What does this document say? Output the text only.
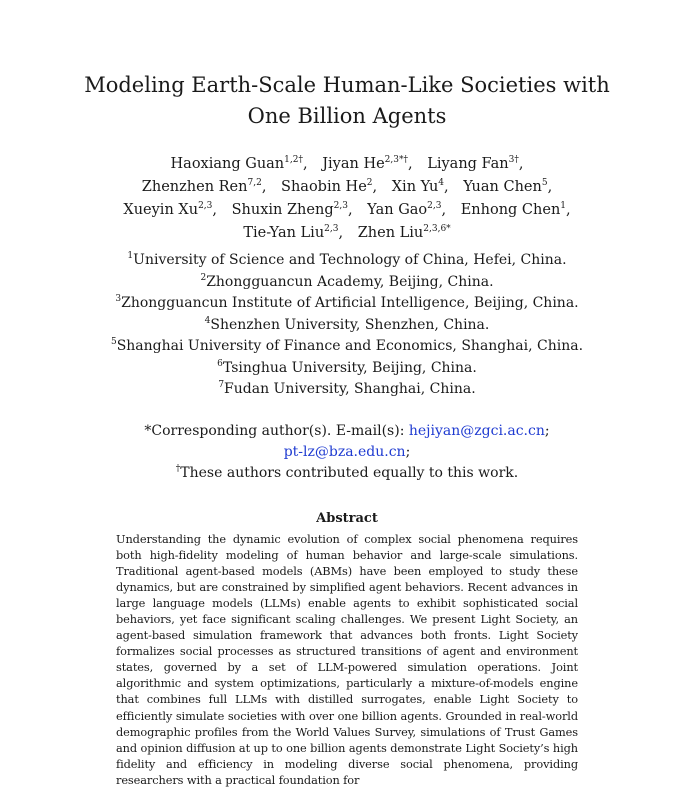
Modeling Earth-Scale Human-Like Societies with
One Billion Agents
Haoxiang Guan$^{1,2\dagger}$, Jiyan $He^{2,3*\dagger}$, Liyang Fan$^{3\dagger}$,
Zhenzhen Ren$^{7,2}$, Shaobin He$^2$, Xin Yu$^4$, Yuan Chen$^5$,
Xueyin Xu$^{2,3}$, Shuxin Zheng$^{2,3}$, Yan Gao$^{2,3}$, Enhong Chen$^1$,
Tie-Yan Liu$^{2,3}$, Zhen Liu$^{2,3,6*}$
$^1$University of Science and Technology of China, Hefei, China.
$^2$Zhongguancun Academy, Beijing, China.
$^3$Zhongguancun Institute of Artificial Intelligence, Beijing, China.
$^4$Shenzhen University, Shenzhen, China.
$^5$Shanghai University of Finance and Economics, Shanghai, China.
$^6$Tsinghua University, Beijing, China.
$^7$Fudan University, Shanghai, China.
*Corresponding author(s). E-mail(s): hejiyan@zgci.ac.cn;
pt-lz@bza.edu.cn;
†These authors contributed equally to this work.
Abstract

Understanding the dynamic evolution of complex social phenomena requires both high-fidelity modeling of human behavior and large-scale simulations. Traditional agent-based models (ABMs) have been employed to study these dynamics, but are constrained by simplified agent behaviors. Recent advances in large language models (LLMs) enable agents to exhibit sophisticated social behaviors, yet face significant scaling challenges. We present Light Society, an agent-based simulation framework that advances both fronts. Light Society formalizes social processes as structured transitions of agent and environment states, governed by a set of LLM-powered simulation operations. Joint algorithmic and system optimizations, particularly a mixture-of-models engine that combines full LLMs with distilled surrogates, enable Light Society to efficiently simulate societies with over one billion agents. Grounded in real-world demographic profiles from the World Values Survey, simulations of Trust Games and opinion diffusion at up to one billion agents demonstrate Light Society’s high fidelity and efficiency in modeling diverse social phenomena, providing researchers with a practical foundation for
